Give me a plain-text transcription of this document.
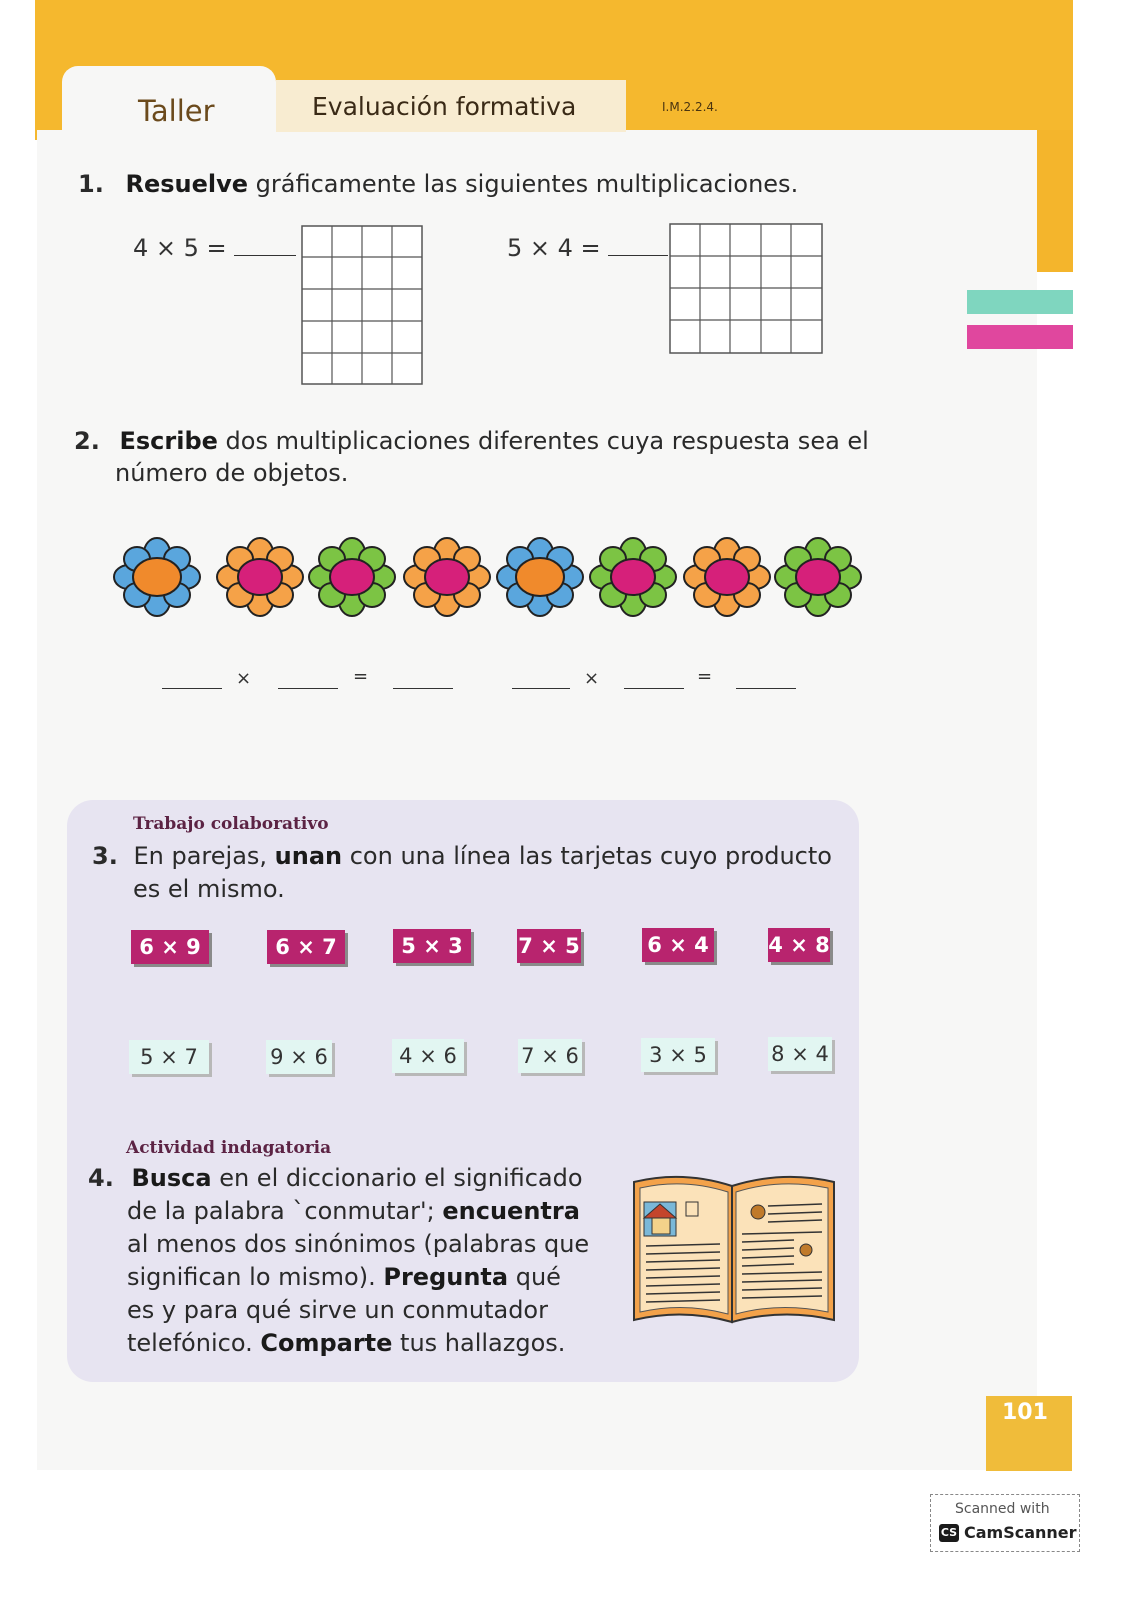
Taller	Evaluación formativa	I.M.2.2.4.
1. Resuelve gráficamente las siguientes multiplicaciones.
4 × 5 =	5 × 4 =
2. Escribe dos multiplicaciones diferentes cuya respuesta sea el
número de objetos.
×	=	×	=
Trabajo colaborativo
3. En parejas, unan con una línea las tarjetas cuyo producto
es el mismo.
6 × 9	6 × 7	5 × 3	7 × 5	6 × 4	4 × 8
5 × 7	9 × 6	4 × 6	7 × 6	3 × 5	8 × 4
Actividad indagatoria
4. Busca en el diccionario el significado
de la palabra `conmutar'; encuentra
al menos dos sinónimos (palabras que
significan lo mismo). Pregunta qué
es y para qué sirve un conmutador
telefónico. Comparte tus hallazgos.
101
Scanned with
CS CamScanner
